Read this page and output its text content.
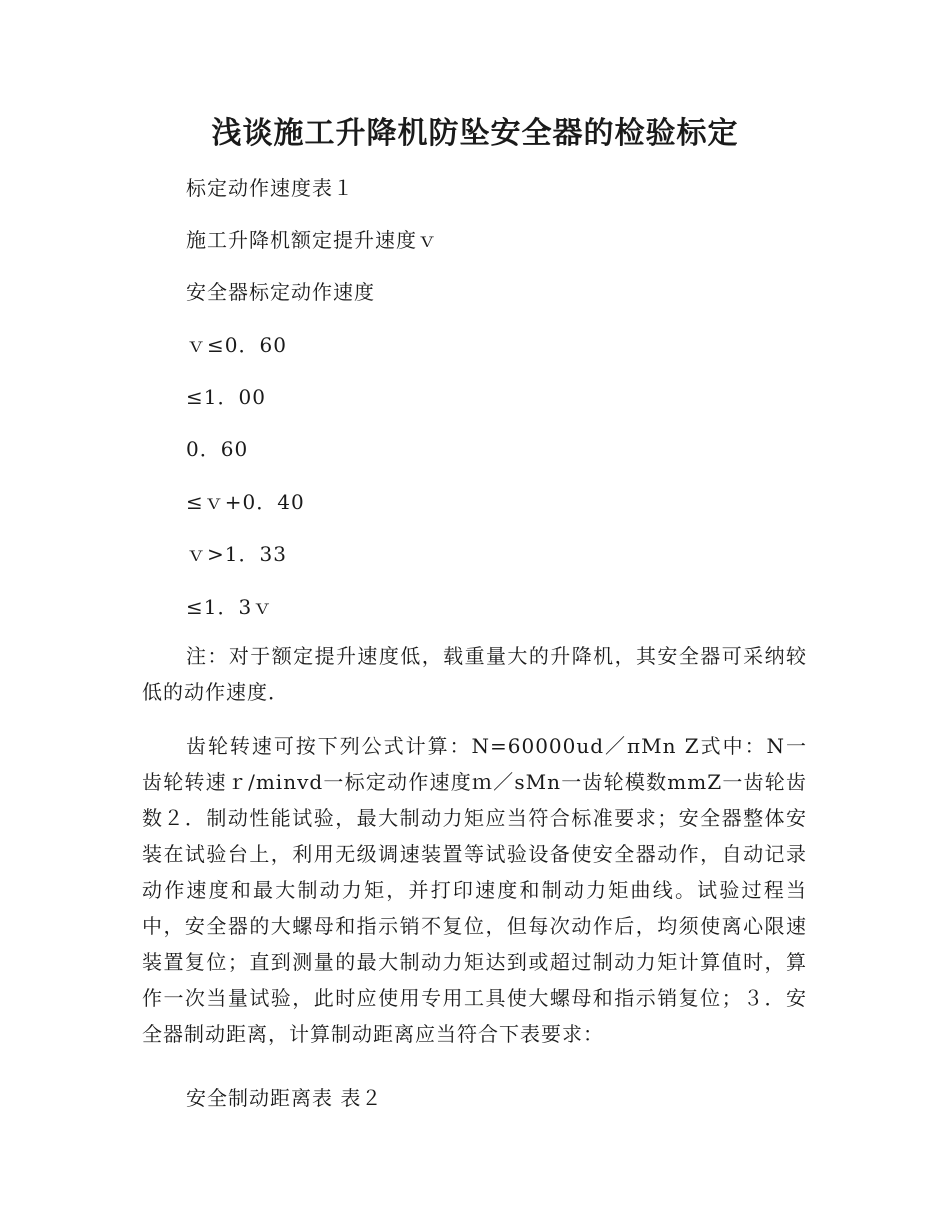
浅谈施工升降机防坠安全器的检验标定

标定动作速度表１

施工升降机额定提升速度ｖ

安全器标定动作速度

ｖ≤0．60

≤1．00

0．60

≤ｖ+0．40

ｖ>1．33

≤1．3ｖ

注：对于额定提升速度低，载重量大的升降机，其安全器可采纳较低的动作速度．

齿轮转速可按下列公式计算：N=60000ud／πMn Z式中：N一齿轮转速ｒ/minvd一标定动作速度ｍ／sMn一齿轮模数mmZ一齿轮齿数２．制动性能试验，最大制动力矩应当符合标准要求；安全器整体安装在试验台上，利用无级调速装置等试验设备使安全器动作，自动记录动作速度和最大制动力矩，并打印速度和制动力矩曲线。试验过程当中，安全器的大螺母和指示销不复位，但每次动作后，均须使离心限速装置复位；直到测量的最大制动力矩达到或超过制动力矩计算值时，算作一次当量试验，此时应使用专用工具使大螺母和指示销复位；３．安全器制动距离，计算制动距离应当符合下表要求：

安全制动距离表 表２
